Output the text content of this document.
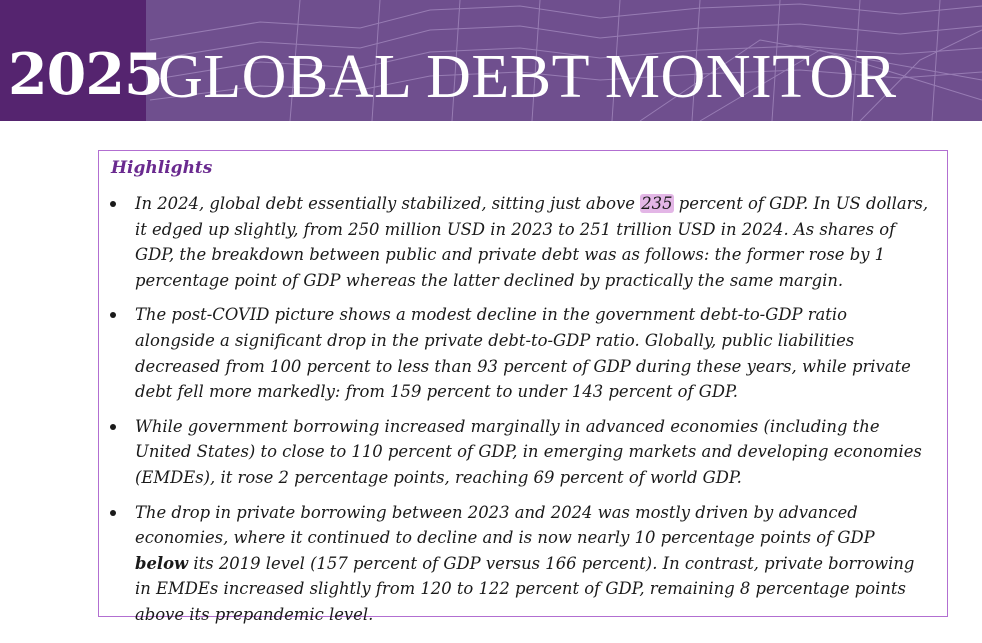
2025
GLOBAL DEBT MONITOR
Highlights
In 2024, global debt essentially stabilized, sitting just above 235 percent of GDP. In US dollars, it edged up slightly, from 250 million USD in 2023 to 251 trillion USD in 2024. As shares of GDP, the breakdown between public and private debt was as follows: the former rose by 1 percentage point of GDP whereas the latter declined by practically the same margin.
The post-COVID picture shows a modest decline in the government debt-to-GDP ratio alongside a significant drop in the private debt-to-GDP ratio. Globally, public liabilities decreased from 100 percent to less than 93 percent of GDP during these years, while private debt fell more markedly: from 159 percent to under 143 percent of GDP.
While government borrowing increased marginally in advanced economies (including the United States) to close to 110 percent of GDP, in emerging markets and developing economies (EMDEs), it rose 2 percentage points, reaching 69 percent of world GDP.
The drop in private borrowing between 2023 and 2024 was mostly driven by advanced economies, where it continued to decline and is now nearly 10 percentage points of GDP below its 2019 level (157 percent of GDP versus 166 percent). In contrast, private borrowing in EMDEs increased slightly from 120 to 122 percent of GDP, remaining 8 percentage points above its prepandemic level.
